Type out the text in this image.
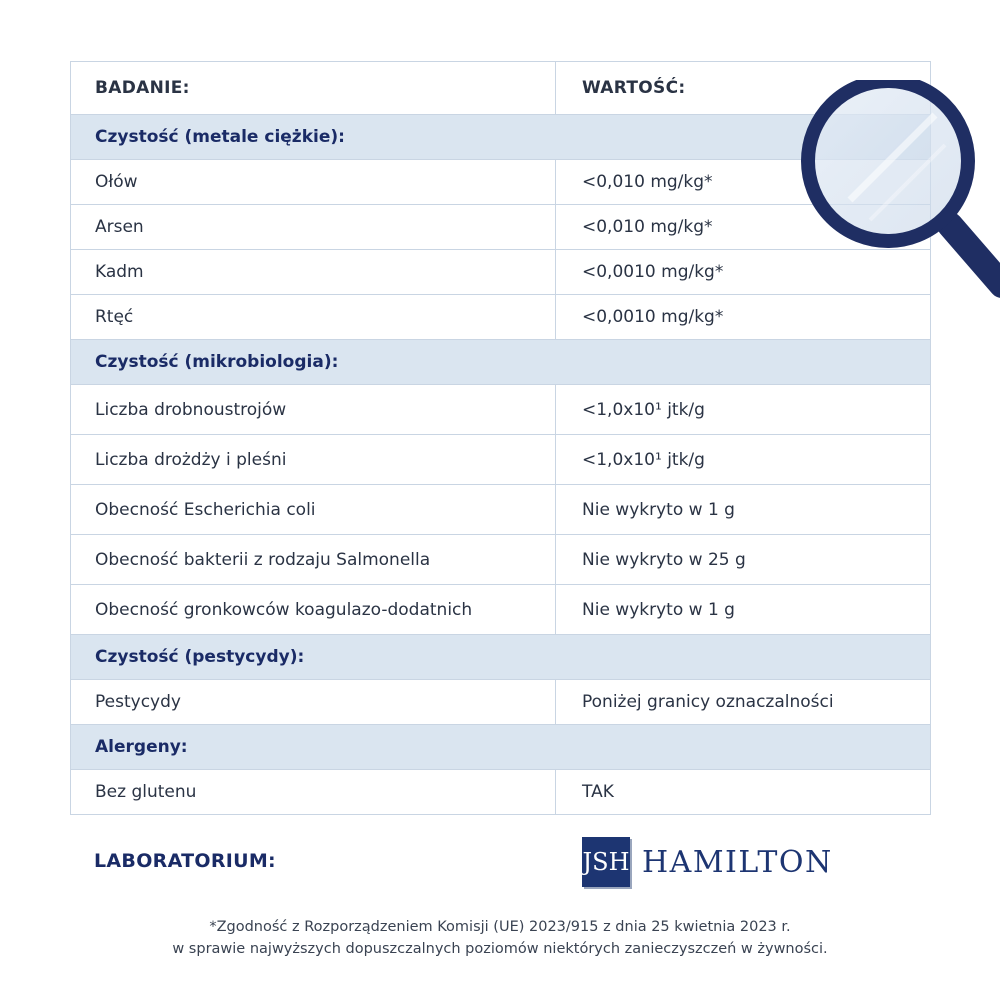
BADANIE:	WARTOŚĆ:
Czystość (metale ciężkie):
Ołów	<0,010 mg/kg*
Arsen	<0,010 mg/kg*
Kadm	<0,0010 mg/kg*
Rtęć	<0,0010 mg/kg*
Czystość (mikrobiologia):
Liczba drobnoustrojów	<1,0x10¹ jtk/g
Liczba drożdży i pleśni	<1,0x10¹ jtk/g
Obecność Escherichia coli	Nie wykryto w 1 g
Obecność bakterii z rodzaju Salmonella	Nie wykryto w 25 g
Obecność gronkowców koagulazo-dodatnich	Nie wykryto w 1 g
Czystość (pestycydy):
Pestycydy	Poniżej granicy oznaczalności
Alergeny:
Bez glutenu	TAK
LABORATORIUM:	JSH HAMILTON
*Zgodność z Rozporządzeniem Komisji (UE) 2023/915 z dnia 25 kwietnia 2023 r.
w sprawie najwyższych dopuszczalnych poziomów niektórych zanieczyszczeń w żywności.
